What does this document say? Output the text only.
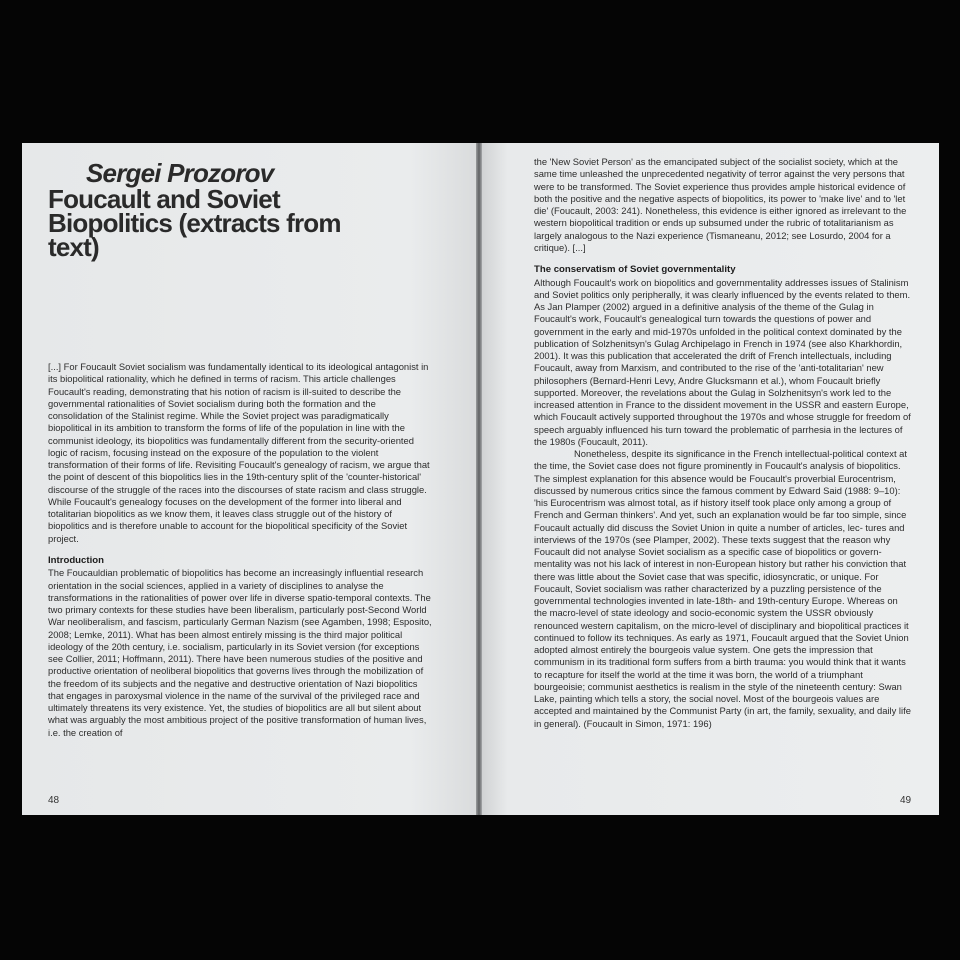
Sergei Prozorov
Foucault and Soviet Biopolitics (extracts from text)

[...] For Foucault Soviet socialism was fundamentally identical to its ideological antagonist in its biopolitical rationality, which he defined in terms of racism. This article challenges Foucault's reading, demonstrating that his notion of racism is ill-suited to describe the governmental rationalities of Soviet socialism during both the formation and the consolidation of the Stalinist regime. While the Soviet project was paradigmatically biopolitical in its ambition to transform the forms of life of the population in line with the communist ideology, its biopolitics was fundamentally different from the security-oriented logic of racism, focusing instead on the exposure of the population to the violent transformation of their forms of life. Revisiting Foucault's genealogy of racism, we argue that the point of descent of this biopolitics lies in the 19th-century split of the 'counter-historical' discourse of the struggle of the races into the discourses of state racism and class struggle. While Foucault's genealogy focuses on the development of the former into liberal and totalitarian biopolitics as we know them, it leaves class struggle out of the history of biopolitics and is therefore unable to account for the biopolitical specificity of the Soviet project.

Introduction

The Foucauldian problematic of biopolitics has become an increasingly influential research orientation in the social sciences, applied in a variety of disciplines to analyse the transformations in the rationalities of power over life in diverse spatio-temporal contexts. The two primary contexts for these studies have been liberalism, particularly post-Second World War neoliberalism, and fascism, particularly German Nazism (see Agamben, 1998; Esposito, 2008; Lemke, 2011). What has been almost entirely missing is the third major political ideology of the 20th century, i.e. socialism, particularly in its Soviet version (for exceptions see Collier, 2011; Hoffmann, 2011). There have been numerous studies of the positive and productive orientation of neoliberal biopolitics that governs lives through the mobilization of the freedom of its subjects and the negative and destructive orientation of Nazi biopolitics that engages in paroxysmal violence in the name of the survival of the privileged race and ultimately threatens its very existence. Yet, the studies of biopolitics are all but silent about what was arguably the most ambitious project of the positive transformation of human lives, i.e. the creation of

48

the 'New Soviet Person' as the emancipated subject of the socialist society, which at the same time unleashed the unprecedented negativity of terror against the very persons that were to be transformed. The Soviet experience thus provides ample historical evidence of both the positive and the negative aspects of biopolitics, its power to 'make live' and to 'let die' (Foucault, 2003: 241). Nonetheless, this evidence is either ignored as irrelevant to the western biopolitical tradition or ends up subsumed under the rubric of totalitarianism as largely analogous to the Nazi experience (Tismaneanu, 2012; see Losurdo, 2004 for a critique). [...]

The conservatism of Soviet governmentality

Although Foucault's work on biopolitics and governmentality addresses issues of Stalinism and Soviet politics only peripherally, it was clearly influenced by the events related to them. As Jan Plamper (2002) argued in a definitive analysis of the theme of the Gulag in Foucault's work, Foucault's genealogical turn towards the questions of power and government in the early and mid-1970s unfolded in the political context dominated by the publication of Solzhenitsyn's Gulag Archipelago in French in 1974 (see also Kharkhordin, 2001). It was this publication that accelerated the drift of French intellectuals, including Foucault, away from Marxism, and contributed to the rise of the 'anti-totalitarian' new philosophers (Bernard-Henri Levy, Andre Glucksmann et al.), whom Foucault briefly supported. Moreover, the revelations about the Gulag in Solzhenitsyn's work led to the increased attention in France to the dissident movement in the USSR and eastern Europe, which Foucault actively supported throughout the 1970s and whose struggle for freedom of speech arguably influenced his turn toward the problematic of parrhesia in the lectures of the 1980s (Foucault, 2011).

Nonetheless, despite its significance in the French intellectual-political context at the time, the Soviet case does not figure prominently in Foucault's analysis of biopolitics. The simplest explanation for this absence would be Foucault's proverbial Eurocentrism, discussed by numerous critics since the famous comment by Edward Said (1988: 9–10): 'his Eurocentrism was almost total, as if history itself took place only among a group of French and German thinkers'. And yet, such an explanation would be far too simple, since Foucault actually did discuss the Soviet Union in quite a number of articles, lec- tures and interviews of the 1970s (see Plamper, 2002). These texts suggest that the reason why Foucault did not analyse Soviet socialism as a specific case of biopolitics or govern- mentality was not his lack of interest in non-European history but rather his conviction that there was little about the Soviet case that was specific, idiosyncratic, or unique. For Foucault, Soviet socialism was rather characterized by a puzzling persistence of the governmental technologies invented in late-18th- and 19th-century Europe. Whereas on the macro-level of state ideology and socio-economic system the USSR obviously renounced western capitalism, on the micro-level of disciplinary and biopolitical practices it continued to follow its techniques. As early as 1971, Foucault argued that the Soviet Union adopted almost entirely the bourgeois value system. One gets the impression that communism in its traditional form suffers from a birth trauma: you would think that it wants to recapture for itself the world at the time it was born, the world of a triumphant bourgeoisie; communist aesthetics is realism in the style of the nineteenth century: Swan Lake, painting which tells a story, the social novel. Most of the bourgeois values are accepted and maintained by the Communist Party (in art, the family, sexuality, and daily life in general). (Foucault in Simon, 1971: 196)

49
